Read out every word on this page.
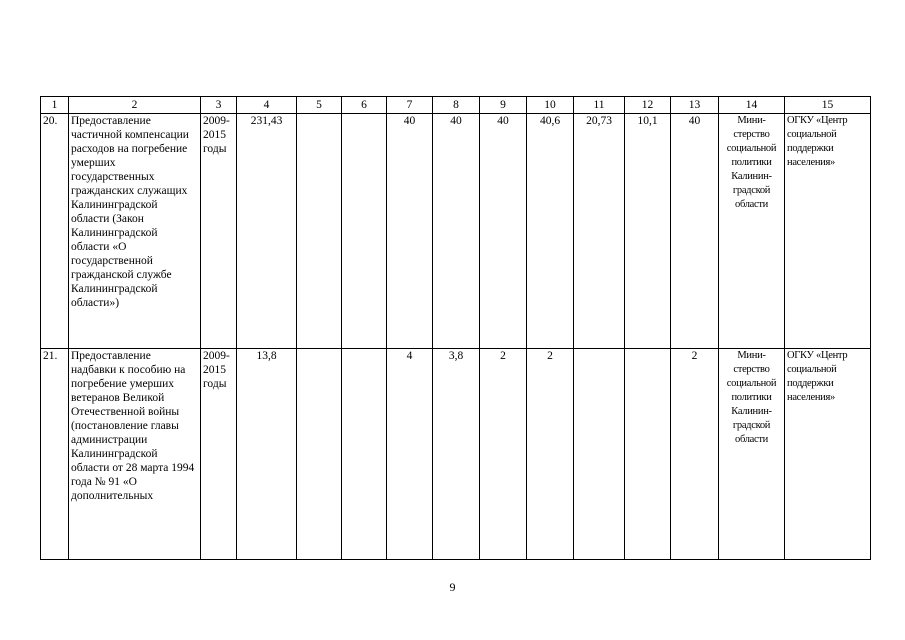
1	2	3	4	5	6	7	8	9	10	11	12	13	14	15
20.	Предоставление частичной компенсации расходов на погребение умерших государственных гражданских служащих Калининградской области (Закон Калининградской области «О государственной гражданской службе Калининградской области»)	2009-2015 годы	231,43			40	40	40	40,6	20,73	10,1	40	Мини-стерство социальной политики Калинин-градской области	ОГКУ «Центр социальной поддержки населения»
21.	Предоставление надбавки к пособию на погребение умерших ветеранов Великой Отечественной войны (постановление главы администрации Калининградской области от 28 марта 1994 года № 91 «О дополнительных	2009-2015 годы	13,8			4	3,8	2	2			2	Мини-стерство социальной политики Калинин-градской области	ОГКУ «Центр социальной поддержки населения»
9
